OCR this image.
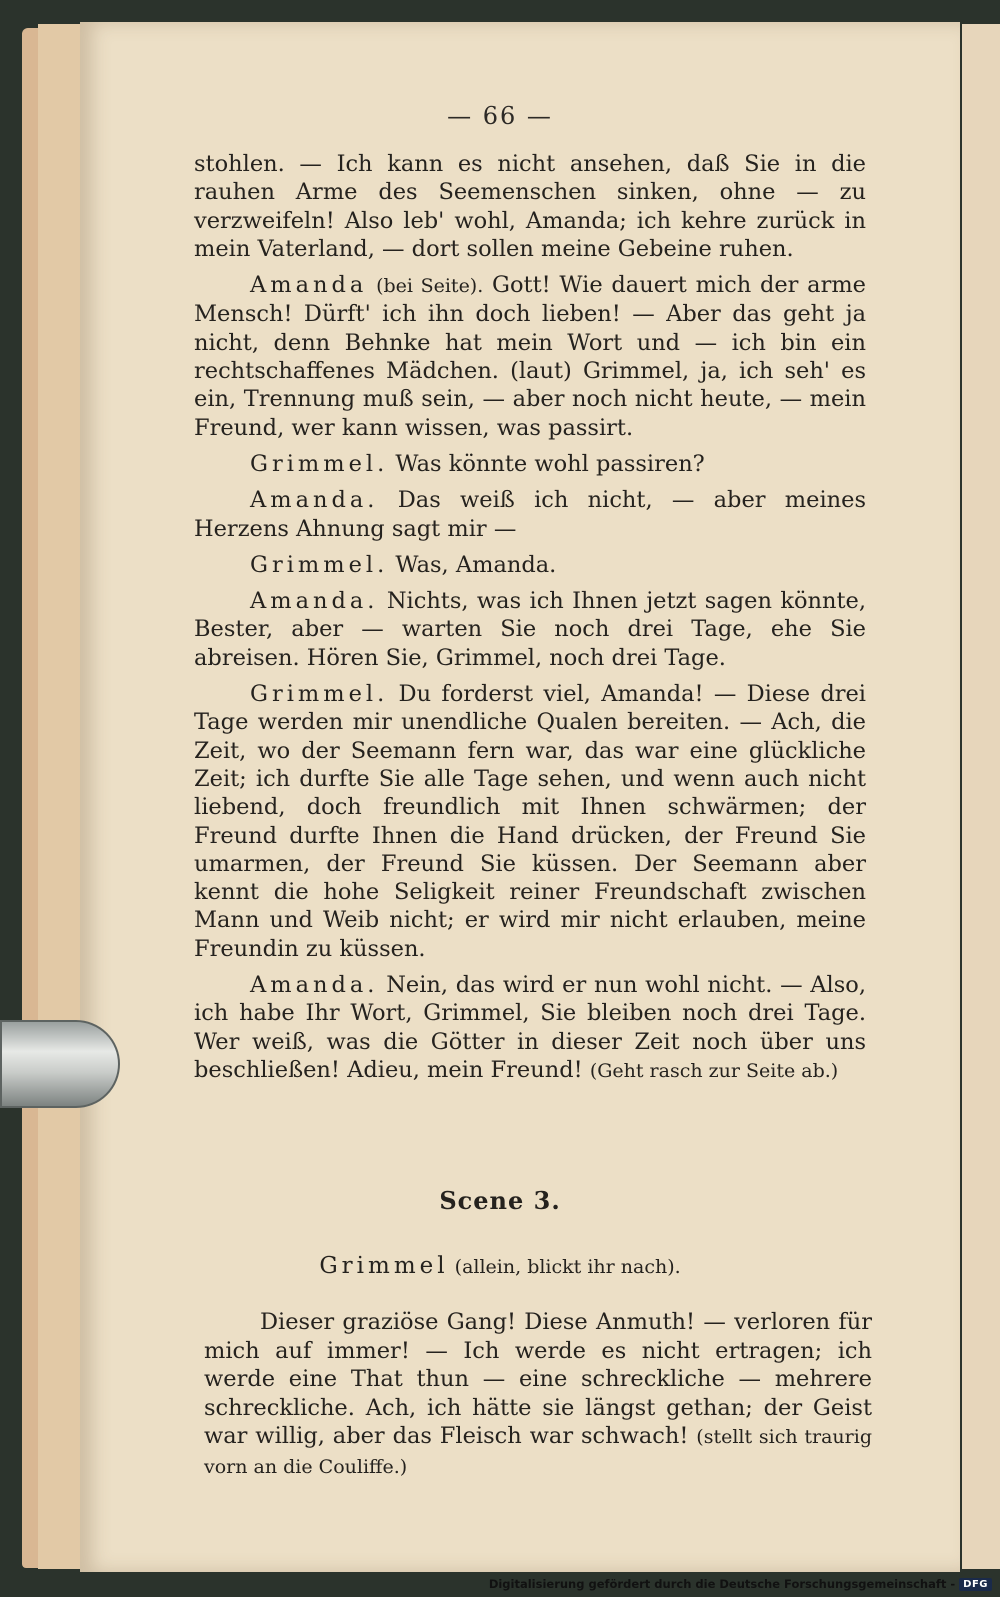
— 66 —

stohlen. — Ich kann es nicht ansehen, daß Sie in die rauhen Arme des Seemenschen sinken, ohne — zu verzweifeln! Also leb' wohl, Amanda; ich kehre zurück in mein Vaterland, — dort sollen meine Gebeine ruhen.

Amanda (bei Seite). Gott! Wie dauert mich der arme Mensch! Dürft' ich ihn doch lieben! — Aber das geht ja nicht, denn Behnke hat mein Wort und — ich bin ein rechtschaffenes Mädchen. (laut) Grimmel, ja, ich seh' es ein, Trennung muß sein, — aber noch nicht heute, — mein Freund, wer kann wissen, was passirt.

Grimmel. Was könnte wohl passiren?

Amanda. Das weiß ich nicht, — aber meines Herzens Ahnung sagt mir —

Grimmel. Was, Amanda.

Amanda. Nichts, was ich Ihnen jetzt sagen könnte, Bester, aber — warten Sie noch drei Tage, ehe Sie abreisen. Hören Sie, Grimmel, noch drei Tage.

Grimmel. Du forderst viel, Amanda! — Diese drei Tage werden mir unendliche Qualen bereiten. — Ach, die Zeit, wo der Seemann fern war, das war eine glückliche Zeit; ich durfte Sie alle Tage sehen, und wenn auch nicht liebend, doch freundlich mit Ihnen schwärmen; der Freund durfte Ihnen die Hand drücken, der Freund Sie umarmen, der Freund Sie küssen. Der Seemann aber kennt die hohe Seligkeit reiner Freundschaft zwischen Mann und Weib nicht; er wird mir nicht erlauben, meine Freundin zu küssen.

Amanda. Nein, das wird er nun wohl nicht. — Also, ich habe Ihr Wort, Grimmel, Sie bleiben noch drei Tage. Wer weiß, was die Götter in dieser Zeit noch über uns beschließen! Adieu, mein Freund! (Geht rasch zur Seite ab.)

Scene 3.
Grimmel (allein, blickt ihr nach).

Dieser graziöse Gang! Diese Anmuth! — verloren für mich auf immer! — Ich werde es nicht ertragen; ich werde eine That thun — eine schreckliche — mehrere schreckliche. Ach, ich hätte sie längst gethan; der Geist war willig, aber das Fleisch war schwach! (stellt sich traurig vorn an die Couliffe.)

Digitalisierung gefördert durch die Deutsche Forschungsgemeinschaft - DFG
